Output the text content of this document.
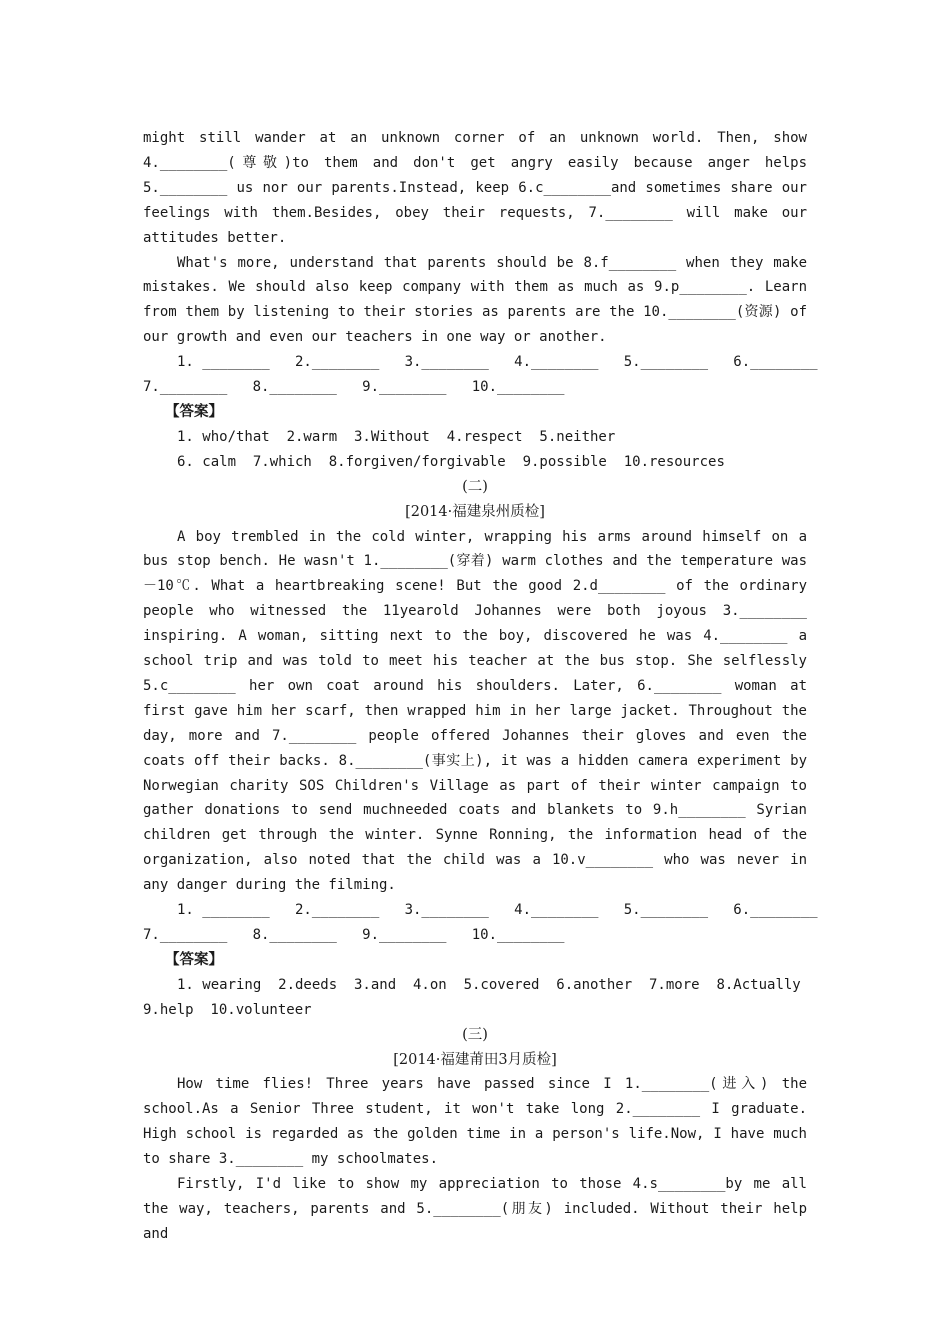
might still wander at an unknown corner of an unknown world. Then, show 4.________(尊敬)to them and don't get angry easily because anger helps 5.________ us nor our parents.Instead, keep 6.c________and sometimes share our feelings with them.Besides, obey their requests, 7.________ will make our attitudes better.

What's more, understand that parents should be 8.f________ when they make mistakes. We should also keep company with them as much as 9.p________. Learn from them by listening to their stories as parents are the 10.________(资源) of our growth and even our teachers in one way or another.

1. ________   2.________   3.________   4.________   5.________   6.________

7.________   8.________   9.________   10.________

【答案】

1. who/that  2.warm  3.Without  4.respect  5.neither

6. calm  7.which  8.forgiven/forgivable  9.possible  10.resources

(二)

[2014·福建泉州质检]

A boy trembled in the cold winter, wrapping his arms around himself on a bus stop bench. He wasn't 1.________(穿着) warm clothes and the temperature was －10℃. What a heartbreaking scene! But the good 2.d________ of the ordinary people who witnessed the 11yearold Johannes were both joyous 3.________ inspiring. A woman, sitting next to the boy, discovered he was 4.________ a school trip and was told to meet his teacher at the bus stop. She selflessly 5.c________ her own coat around his shoulders. Later, 6.________ woman at first gave him her scarf, then wrapped him in her large jacket. Throughout the day, more and 7.________ people offered Johannes their gloves and even the coats off their backs. 8.________(事实上), it was a hidden camera experiment by Norwegian charity SOS Children's Village as part of their winter campaign to gather donations to send muchneeded coats and blankets to 9.h________ Syrian children get through the winter. Synne Ronning, the information head of the organization, also noted that the child was a 10.v________ who was never in any danger during the filming.

1. ________   2.________   3.________   4.________   5.________   6.________

7.________   8.________   9.________   10.________

【答案】

1. wearing  2.deeds  3.and  4.on  5.covered  6.another  7.more  8.Actually

9.help  10.volunteer

(三)

[2014·福建莆田3月质检]

How time flies! Three years have passed since I 1.________(进入) the school.As a Senior Three student, it won't take long 2.________ I graduate. High school is regarded as the golden time in a person's life.Now, I have much to share 3.________ my schoolmates.

Firstly, I'd like to show my appreciation to those 4.s________by me all the way, teachers, parents and 5.________(朋友) included. Without their help and
